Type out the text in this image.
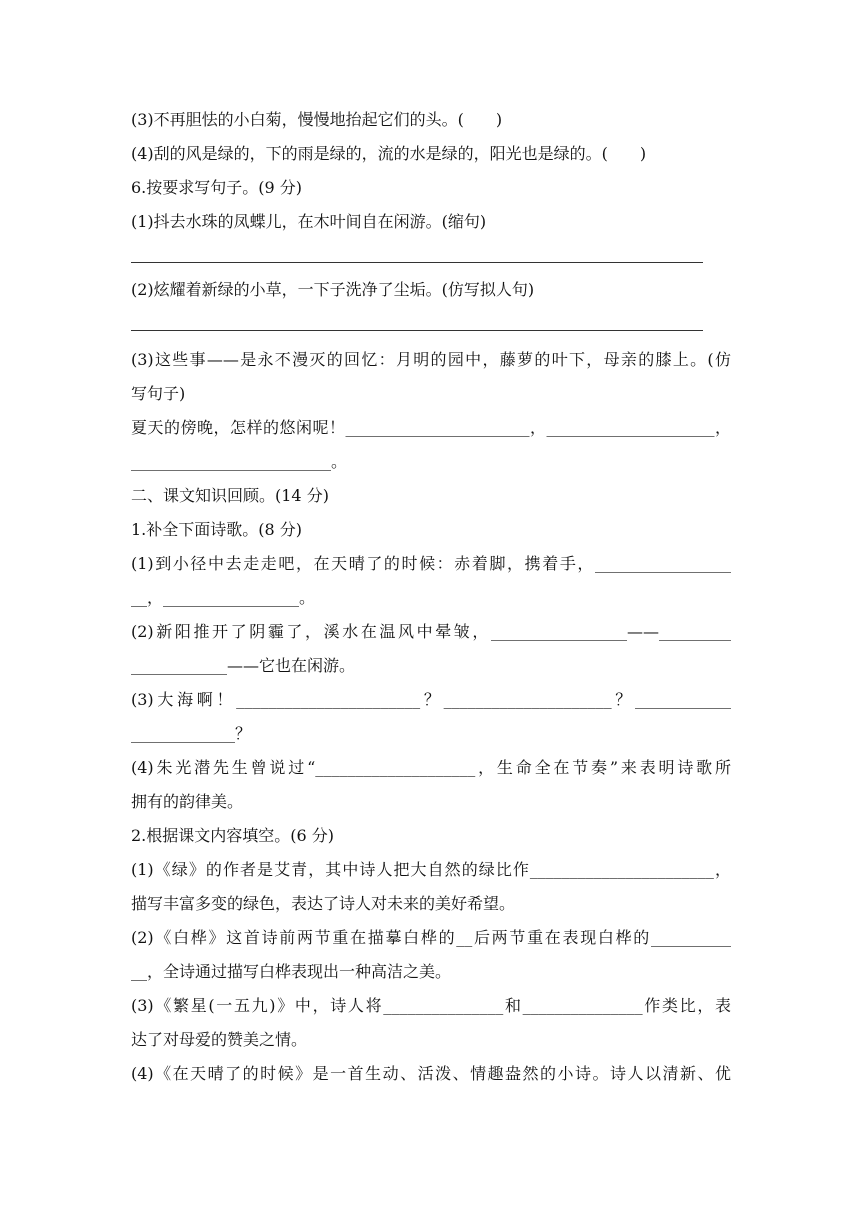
(3)不再胆怯的小白菊，慢慢地抬起它们的头。(　　)
(4)刮的风是绿的，下的雨是绿的，流的水是绿的，阳光也是绿的。(　　)
6.按要求写句子。(9 分)
(1)抖去水珠的凤蝶儿，在木叶间自在闲游。(缩句)
(2)炫耀着新绿的小草，一下子洗净了尘垢。(仿写拟人句)
(3)这些事——是永不漫灭的回忆：月明的园中，藤萝的叶下，母亲的膝上。(仿
写句子)
夏天的傍晚，怎样的悠闲呢！_______________________，_____________________，
_________________________。
二、课文知识回顾。(14 分)
1.补全下面诗歌。(8 分)
(1)到小径中去走走吧，在天晴了的时候：赤着脚，携着手，_________________
__，_________________。
(2)新阳推开了阴霾了，溪水在温风中晕皱，_________________——_________
____________——它也在闲游。
(3)大海啊！_______________________？_____________________？____________
_____________？
(4)朱光潜先生曾说过“____________________，生命全在节奏”来表明诗歌所
拥有的韵律美。
2.根据课文内容填空。(6 分)
(1)《绿》的作者是艾青，其中诗人把大自然的绿比作_______________________，
描写丰富多变的绿色，表达了诗人对未来的美好希望。
(2)《白桦》这首诗前两节重在描摹白桦的__后两节重在表现白桦的__________
__，全诗通过描写白桦表现出一种高洁之美。
(3)《繁星(一五九)》中，诗人将_______________和_______________作类比，表
达了对母爱的赞美之情。
(4)《在天晴了的时候》是一首生动、活泼、情趣盎然的小诗。诗人以清新、优
